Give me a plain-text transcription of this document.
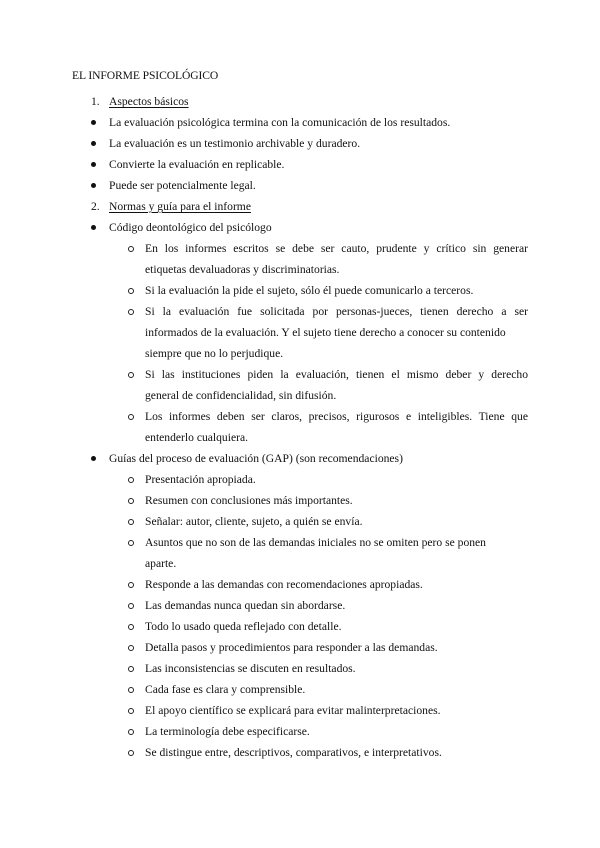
EL INFORME PSICOLÓGICO
1. Aspectos básicos
La evaluación psicológica termina con la comunicación de los resultados.
La evaluación es un testimonio archivable y duradero.
Convierte la evaluación en replicable.
Puede ser potencialmente legal.
2. Normas y guía para el informe
Código deontológico del psicólogo
En los informes escritos se debe ser cauto, prudente y crítico sin generar
etiquetas devaluadoras y discriminatorias.
Si la evaluación la pide el sujeto, sólo él puede comunicarlo a terceros.
Si la evaluación fue solicitada por personas-jueces, tienen derecho a ser
informados de la evaluación. Y el sujeto tiene derecho a conocer su contenido
siempre que no lo perjudique.
Si las instituciones piden la evaluación, tienen el mismo deber y derecho
general de confidencialidad, sin difusión.
Los informes deben ser claros, precisos, rigurosos e inteligibles. Tiene que
entenderlo cualquiera.
Guías del proceso de evaluación (GAP) (son recomendaciones)
Presentación apropiada.
Resumen con conclusiones más importantes.
Señalar: autor, cliente, sujeto, a quién se envía.
Asuntos que no son de las demandas iniciales no se omiten pero se ponen
aparte.
Responde a las demandas con recomendaciones apropiadas.
Las demandas nunca quedan sin abordarse.
Todo lo usado queda reflejado con detalle.
Detalla pasos y procedimientos para responder a las demandas.
Las inconsistencias se discuten en resultados.
Cada fase es clara y comprensible.
El apoyo científico se explicará para evitar malinterpretaciones.
La terminología debe especificarse.
Se distingue entre, descriptivos, comparativos, e interpretativos.
